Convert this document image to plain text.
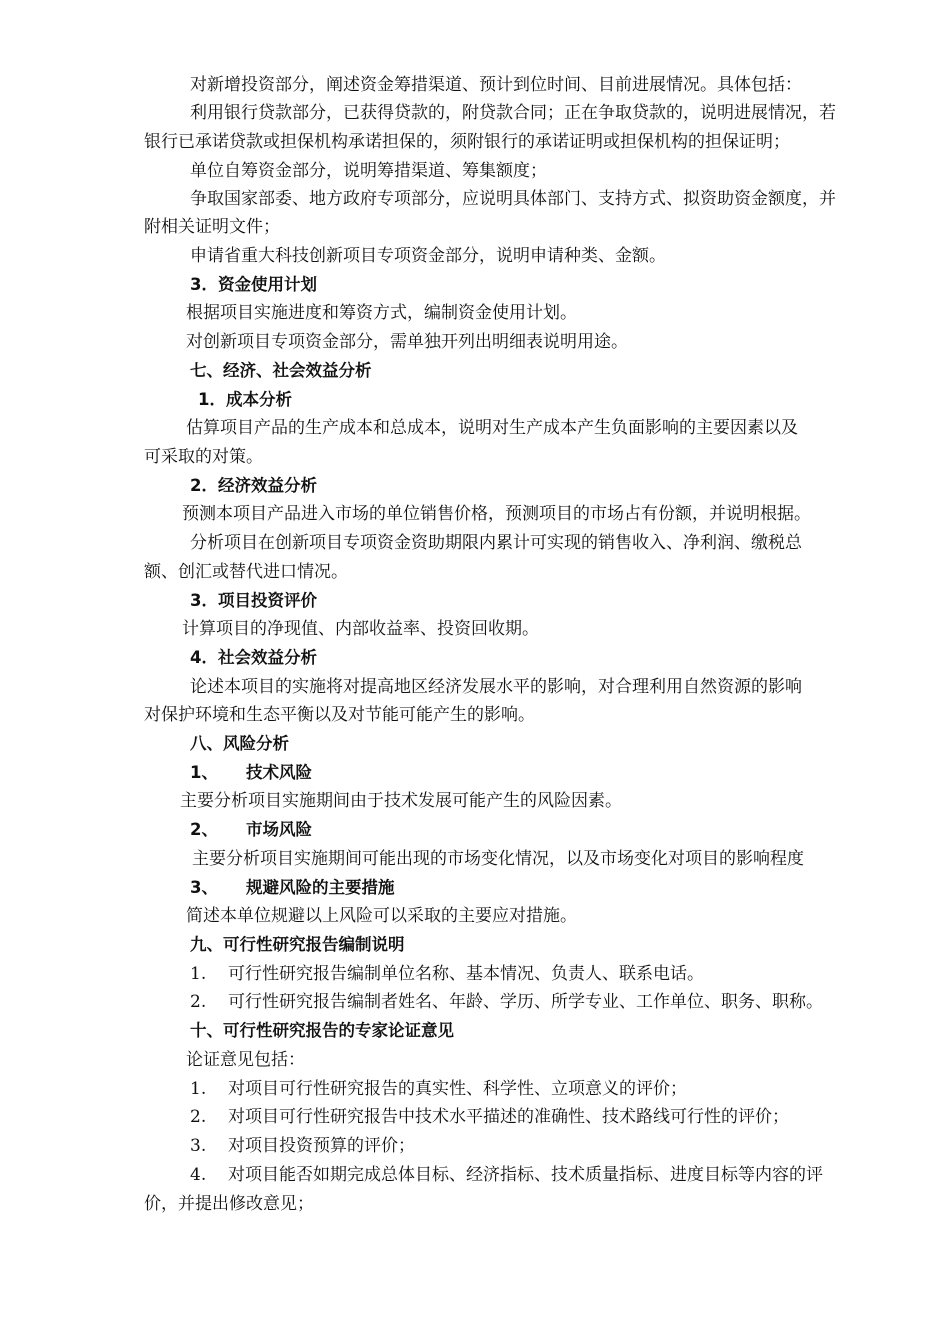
对新增投资部分，阐述资金筹措渠道、预计到位时间、目前进展情况。具体包括：
利用银行贷款部分，已获得贷款的，附贷款合同；正在争取贷款的，说明进展情况，若
银行已承诺贷款或担保机构承诺担保的，须附银行的承诺证明或担保机构的担保证明；
单位自筹资金部分，说明筹措渠道、筹集额度；
争取国家部委、地方政府专项部分，应说明具体部门、支持方式、拟资助资金额度，并
附相关证明文件；
申请省重大科技创新项目专项资金部分，说明申请种类、金额。
3．资金使用计划
根据项目实施进度和筹资方式，编制资金使用计划。
对创新项目专项资金部分，需单独开列出明细表说明用途。
七、经济、社会效益分析
1．成本分析
估算项目产品的生产成本和总成本，说明对生产成本产生负面影响的主要因素以及
可采取的对策。
2．经济效益分析
预测本项目产品进入市场的单位销售价格，预测项目的市场占有份额，并说明根据。
分析项目在创新项目专项资金资助期限内累计可实现的销售收入、净利润、缴税总
额、创汇或替代进口情况。
3．项目投资评价
计算项目的净现值、内部收益率、投资回收期。
4．社会效益分析
论述本项目的实施将对提高地区经济发展水平的影响，对合理利用自然资源的影响
对保护环境和生态平衡以及对节能可能产生的影响。
八、风险分析
1、 技术风险
主要分析项目实施期间由于技术发展可能产生的风险因素。
2、 市场风险
主要分析项目实施期间可能出现的市场变化情况，以及市场变化对项目的影响程度
3、 规避风险的主要措施
简述本单位规避以上风险可以采取的主要应对措施。
九、可行性研究报告编制说明
1. 可行性研究报告编制单位名称、基本情况、负责人、联系电话。
2. 可行性研究报告编制者姓名、年龄、学历、所学专业、工作单位、职务、职称。
十、可行性研究报告的专家论证意见
论证意见包括：
1. 对项目可行性研究报告的真实性、科学性、立项意义的评价；
2. 对项目可行性研究报告中技术水平描述的准确性、技术路线可行性的评价；
3. 对项目投资预算的评价；
4. 对项目能否如期完成总体目标、经济指标、技术质量指标、进度目标等内容的评
价，并提出修改意见；
